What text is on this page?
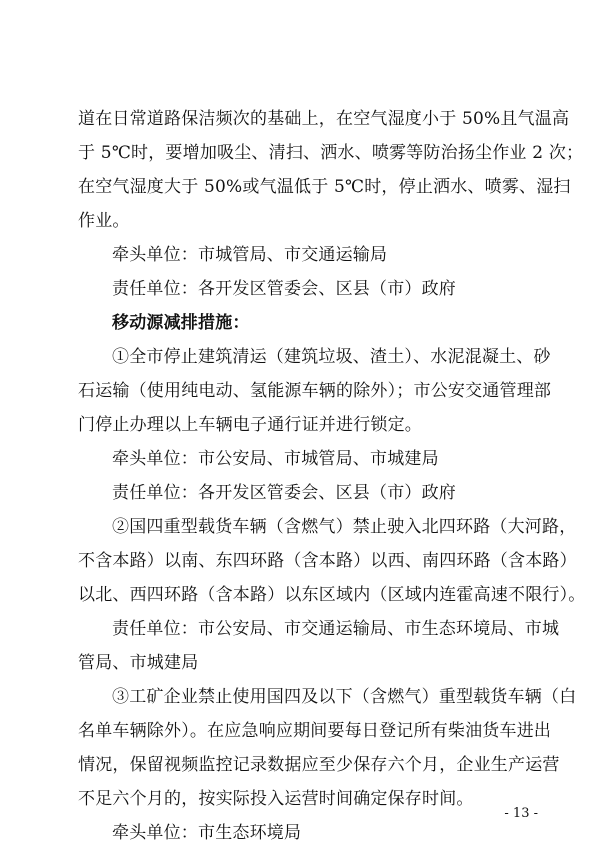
道在日常道路保洁频次的基础上，在空气湿度小于 50%且气温高
于 5℃时，要增加吸尘、清扫、洒水、喷雾等防治扬尘作业 2 次；
在空气湿度大于 50%或气温低于 5℃时，停止洒水、喷雾、湿扫
作业。
牵头单位：市城管局、市交通运输局
责任单位：各开发区管委会、区县（市）政府
移动源减排措施：
①全市停止建筑清运（建筑垃圾、渣土）、水泥混凝土、砂
石运输（使用纯电动、氢能源车辆的除外）；市公安交通管理部
门停止办理以上车辆电子通行证并进行锁定。
牵头单位：市公安局、市城管局、市城建局
责任单位：各开发区管委会、区县（市）政府
②国四重型载货车辆（含燃气）禁止驶入北四环路（大河路，
不含本路）以南、东四环路（含本路）以西、南四环路（含本路）
以北、西四环路（含本路）以东区域内（区域内连霍高速不限行）。
责任单位：市公安局、市交通运输局、市生态环境局、市城
管局、市城建局
③工矿企业禁止使用国四及以下（含燃气）重型载货车辆（白
名单车辆除外）。在应急响应期间要每日登记所有柴油货车进出
情况，保留视频监控记录数据应至少保存六个月，企业生产运营
不足六个月的，按实际投入运营时间确定保存时间。
牵头单位：市生态环境局
- 13 -
